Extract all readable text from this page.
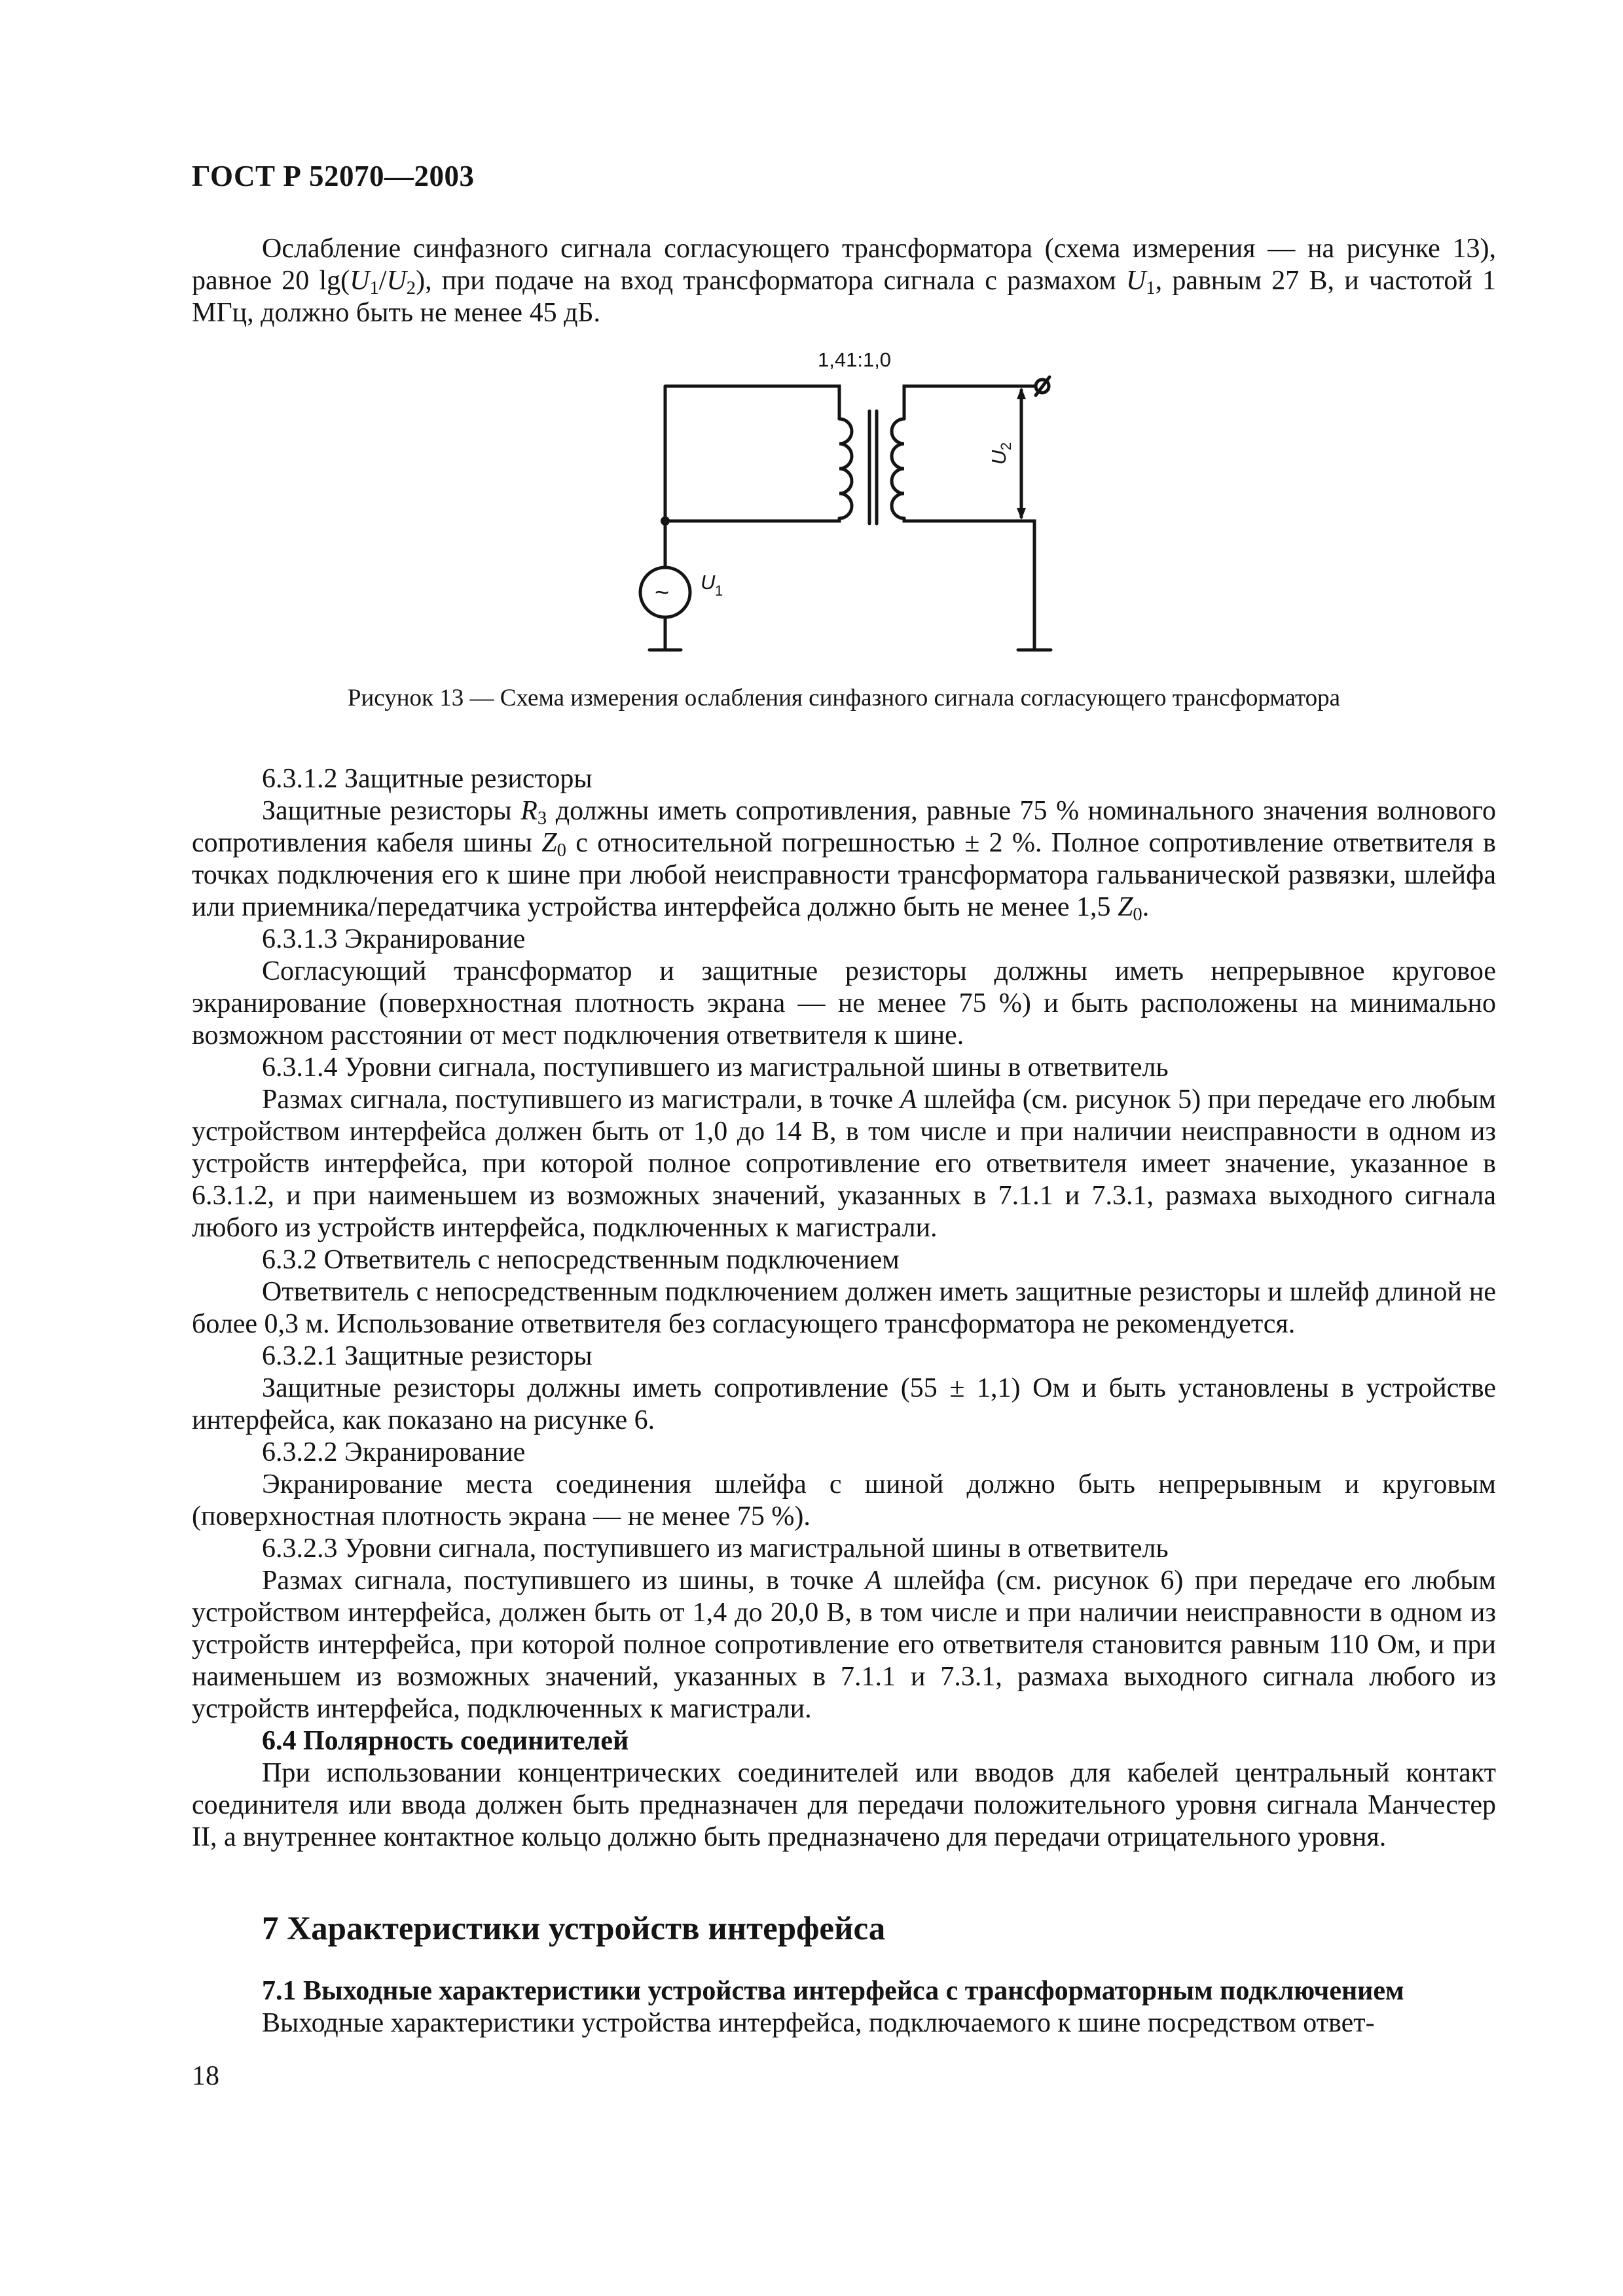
ГОСТ Р 52070—2003

Ослабление синфазного сигнала согласующего трансформатора (схема измерения — на рисунке 13), равное 20 $\lg(U_1/U_2)$, при подаче на вход трансформатора сигнала с размахом $U_1$, равным 27 В, и частотой 1 МГц, должно быть не менее 45 дБ.

1,41:1,0
~
U
2
U 1
Рисунок 13 — Схема измерения ослабления синфазного сигнала согласующего трансформатора

6.3.1.2 Защитные резисторы

Защитные резисторы $R_3$ должны иметь сопротивления, равные 75 % номинального значения волнового сопротивления кабеля шины $Z_0$ с относительной погрешностью ± 2 %. Полное сопротивление ответвителя в точках подключения его к шине при любой неисправности трансформатора гальванической развязки, шлейфа или приемника/передатчика устройства интерфейса должно быть не менее 1,5 $Z_0$.

6.3.1.3 Экранирование

Согласующий трансформатор и защитные резисторы должны иметь непрерывное круговое экранирование (поверхностная плотность экрана — не менее 75 %) и быть расположены на минимально возможном расстоянии от мест подключения ответвителя к шине.

6.3.1.4 Уровни сигнала, поступившего из магистральной шины в ответвитель

Размах сигнала, поступившего из магистрали, в точке А шлейфа (см. рисунок 5) при передаче его любым устройством интерфейса должен быть от 1,0 до 14 В, в том числе и при наличии неисправности в одном из устройств интерфейса, при которой полное сопротивление его ответвителя имеет значение, указанное в 6.3.1.2, и при наименьшем из возможных значений, указанных в 7.1.1 и 7.3.1, размаха выходного сигнала любого из устройств интерфейса, подключенных к магистрали.

6.3.2 Ответвитель с непосредственным подключением

Ответвитель с непосредственным подключением должен иметь защитные резисторы и шлейф длиной не более 0,3 м. Использование ответвителя без согласующего трансформатора не рекомендуется.

6.3.2.1 Защитные резисторы

Защитные резисторы должны иметь сопротивление (55 ± 1,1) Ом и быть установлены в устройстве интерфейса, как показано на рисунке 6.

6.3.2.2 Экранирование

Экранирование места соединения шлейфа с шиной должно быть непрерывным и круговым (поверхностная плотность экрана — не менее 75 %).

6.3.2.3 Уровни сигнала, поступившего из магистральной шины в ответвитель

Размах сигнала, поступившего из шины, в точке А шлейфа (см. рисунок 6) при передаче его любым устройством интерфейса, должен быть от 1,4 до 20,0 В, в том числе и при наличии неисправности в одном из устройств интерфейса, при которой полное сопротивление его ответвителя становится равным 110 Ом, и при наименьшем из возможных значений, указанных в 7.1.1 и 7.3.1, размаха выходного сигнала любого из устройств интерфейса, подключенных к магистрали.

6.4 Полярность соединителей

При использовании концентрических соединителей или вводов для кабелей центральный контакт соединителя или ввода должен быть предназначен для передачи положительного уровня сигнала Манчестер II, а внутреннее контактное кольцо должно быть предназначено для передачи отрицательного уровня.

7 Характеристики устройств интерфейса

7.1 Выходные характеристики устройства интерфейса с трансформаторным подключением

Выходные характеристики устройства интерфейса, подключаемого к шине посредством ответ-

18
